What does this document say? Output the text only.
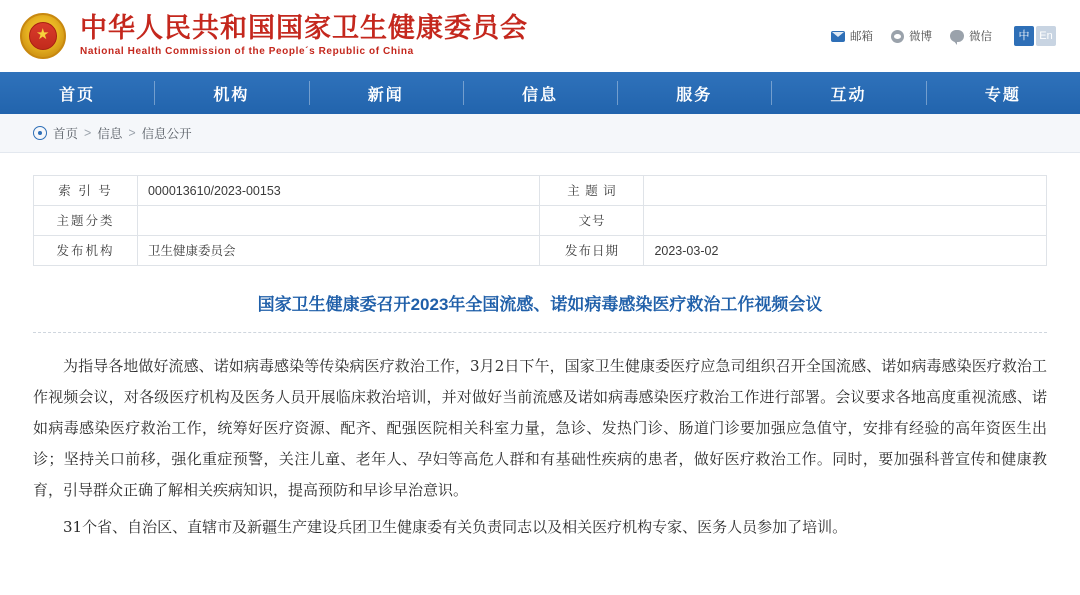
★ 中华人民共和国国家卫生健康委员会
National Health Commission of the People´s Republic of China
邮箱	微博	微信	中 En
首页	机构	新闻	信息	服务	互动	专题
首页 > 信息 > 信息公开
索 引 号	000013610/2023-00153	主 题 词	
主题分类		文号	
发布机构	卫生健康委员会	发布日期	2023-03-02
国家卫生健康委召开2023年全国流感、诺如病毒感染医疗救治工作视频会议

为指导各地做好流感、诺如病毒感染等传染病医疗救治工作，3月2日下午，国家卫生健康委医疗应急司组织召开全国流感、诺如病毒感染医疗救治工作视频会议，对各级医疗机构及医务人员开展临床救治培训，并对做好当前流感及诺如病毒感染医疗救治工作进行部署。会议要求各地高度重视流感、诺如病毒感染医疗救治工作，统筹好医疗资源、配齐、配强医院相关科室力量，急诊、发热门诊、肠道门诊要加强应急值守，安排有经验的高年资医生出诊；坚持关口前移，强化重症预警，关注儿童、老年人、孕妇等高危人群和有基础性疾病的患者，做好医疗救治工作。同时，要加强科普宣传和健康教育，引导群众正确了解相关疾病知识，提高预防和早诊早治意识。

31个省、自治区、直辖市及新疆生产建设兵团卫生健康委有关负责同志以及相关医疗机构专家、医务人员参加了培训。
